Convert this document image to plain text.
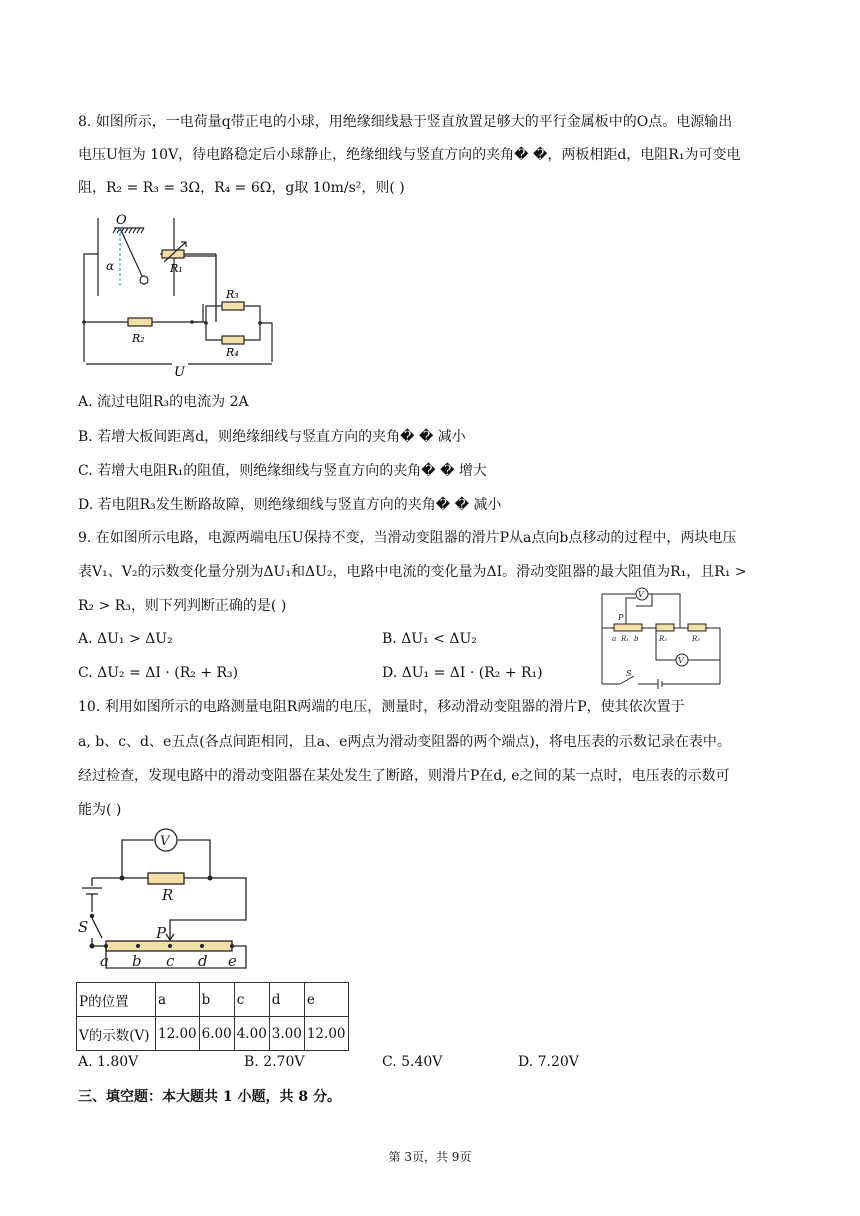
8. 如图所示，一电荷量q带正电的小球，用绝缘细线悬于竖直放置足够大的平行金属板中的O点。电源输出
电压U恒为 10V，待电路稳定后小球静止，绝缘细线与竖直方向的夹角� �，两板相距d，电阻R₁为可变电
阻，R₂ = R₃ = 3Ω，R₄ = 6Ω，g取 10m/s²，则( )
O
α	R₁
R₂
R₃
R₄
U
A. 流过电阻R₃的电流为 2A
B. 若增大板间距离d，则绝缘细线与竖直方向的夹角� � 减小
C. 若增大电阻R₁的阻值，则绝缘细线与竖直方向的夹角� � 增大
D. 若电阻R₃发生断路故障，则绝缘细线与竖直方向的夹角� � 减小
9. 在如图所示电路，电源两端电压U保持不变，当滑动变阻器的滑片P从a点向b点移动的过程中，两块电压
表V₁、V₂的示数变化量分别为ΔU₁和ΔU₂，电路中电流的变化量为ΔI。滑动变阻器的最大阻值为R₁，且R₁ >
R₂ > R₃，则下列判断正确的是( )
A. ΔU₁ > ΔU₂	B. ΔU₁ < ΔU₂
C. ΔU₂ = ΔI · (R₂ + R₃)	D. ΔU₁ = ΔI · (R₂ + R₁)
V
V
P
a R₁ b	R₂	R₃
S
10. 利用如图所示的电路测量电阻R两端的电压，测量时，移动滑动变阻器的滑片P，使其依次置于
a, b、c、d、e五点(各点间距相同，且a、e两点为滑动变阻器的两个端点)，将电压表的示数记录在表中。
经过检查，发现电路中的滑动变阻器在某处发生了断路，则滑片P在d, e之间的某一点时，电压表的示数可
能为( )
V
R
S	P
a b c d e
P的位置	a	b	c	d	e
V的示数(V)	12.00	6.00	4.00	3.00	12.00
A. 1.80V	B. 2.70V	C. 5.40V	D. 7.20V
三、填空题：本大题共 1 小题，共 8 分。
第 3页，共 9页
